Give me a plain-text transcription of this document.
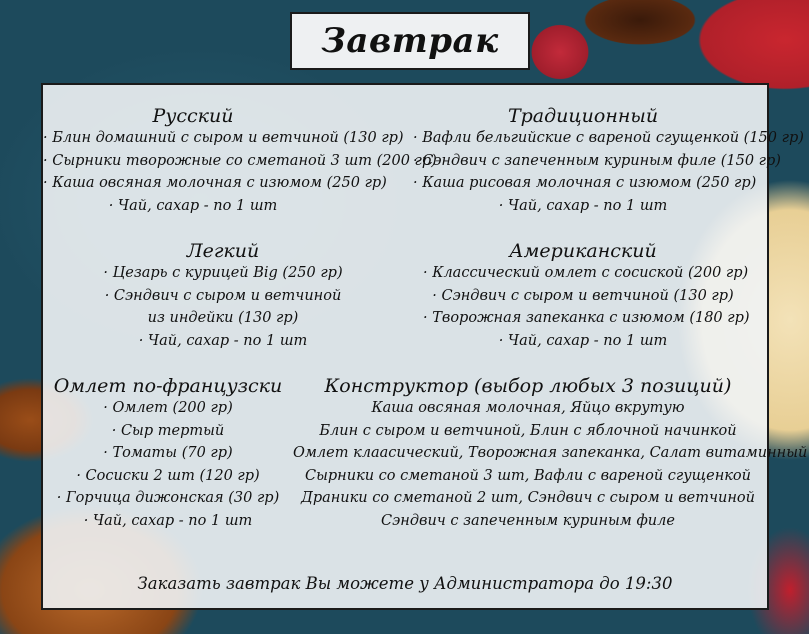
Завтрак
Русский
· Блин домашний с сыром и ветчиной (130 гр)
· Сырники творожные со сметаной 3 шт (200 гр)
· Каша овсяная молочная с изюмом (250 гр)
· Чай, сахар - по 1 шт
Традиционный
· Вафли бельгийские с вареной сгущенкой (150 гр)
· Сэндвич с запеченным куриным филе (150 гр)
· Каша рисовая молочная с изюмом (250 гр)
· Чай, сахар - по 1 шт
Легкий
· Цезарь с курицей Big (250 гр)
· Сэндвич с сыром и ветчиной
из индейки (130 гр)
· Чай, сахар - по 1 шт
Американский
· Классический омлет с сосиской (200 гр)
· Сэндвич с сыром и ветчиной (130 гр)
· Творожная запеканка с изюмом (180 гр)
· Чай, сахар - по 1 шт
Омлет по-французски
· Омлет (200 гр)
· Сыр тертый
· Томаты (70 гр)
· Сосиски 2 шт (120 гр)
· Горчица дижонская (30 гр)
· Чай, сахар - по 1 шт
Конструктор (выбор любых 3 позиций)
Каша овсяная молочная, Яйцо вкрутую
Блин с сыром и ветчиной, Блин с яблочной начинкой
Омлет клаасический, Творожная запеканка, Салат витаминный
Сырники со сметаной 3 шт, Вафли с вареной сгущенкой
Драники со сметаной 2 шт, Сэндвич с сыром и ветчиной
Сэндвич с запеченным куриным филе
Заказать завтрак Вы можете у Администратора до 19:30
